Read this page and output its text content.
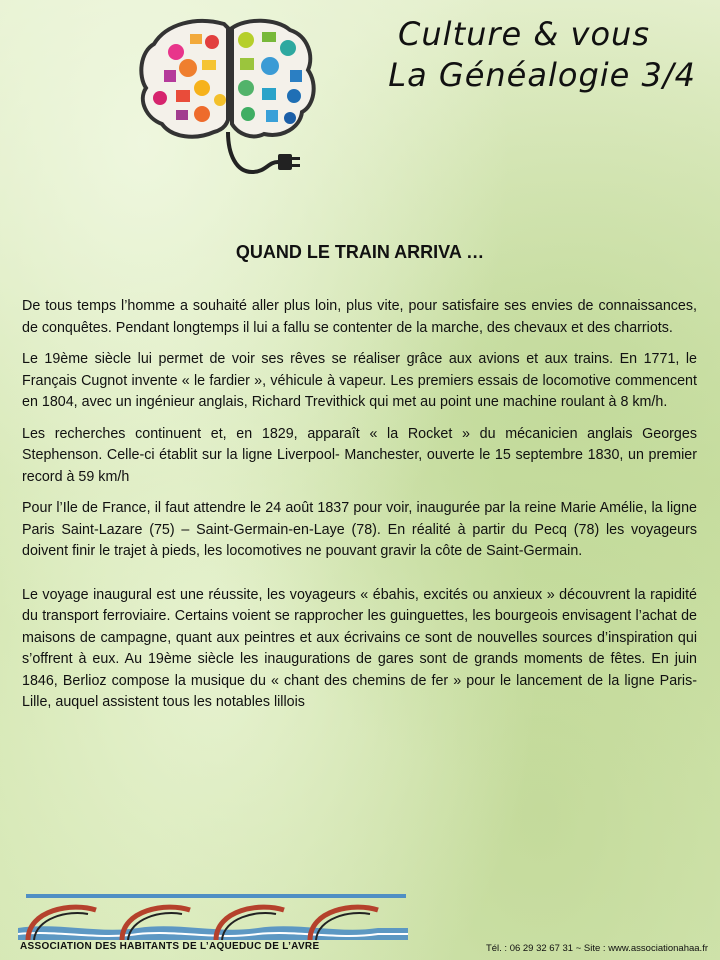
Culture & vous
La Généalogie 3/4
QUAND LE TRAIN ARRIVA …

De tous temps l’homme a souhaité aller plus loin, plus vite, pour satisfaire ses envies de connaissances, de conquêtes. Pendant longtemps il lui a fallu se contenter de la marche, des chevaux et des charriots.

Le 19ème siècle lui permet de voir ses rêves se réaliser grâce aux avions et aux trains. En 1771, le Français Cugnot invente « le fardier », véhicule à vapeur. Les premiers essais de locomotive commencent en 1804, avec un ingénieur anglais, Richard Trevithick qui met au point une machine roulant à 8 km/h.

Les recherches continuent et, en 1829, apparaît « la Rocket » du mécanicien anglais Georges Stephenson. Celle-ci établit sur la ligne Liverpool- Manchester, ouverte le 15 septembre 1830, un premier record à 59 km/h

Pour l’Ile de France, il faut attendre le 24 août 1837 pour voir, inaugurée par la reine Marie Amélie, la ligne Paris Saint-Lazare (75) – Saint-Germain-en-Laye (78). En réalité à partir du Pecq (78) les voyageurs doivent finir le trajet à pieds, les locomotives ne pouvant gravir la côte de Saint-Germain.

Le voyage inaugural est une réussite, les voyageurs « ébahis, excités ou anxieux » découvrent la rapidité du transport ferroviaire. Certains voient se rapprocher les guinguettes, les bourgeois envisagent l’achat de maisons de campagne, quant aux peintres et aux écrivains ce sont de nouvelles sources d’inspiration qui s’offrent à eux. Au 19ème siècle les inaugurations de gares sont de grands moments de fêtes. En juin 1846, Berlioz compose la musique du « chant des chemins de fer » pour le lancement de la ligne Paris-Lille, auquel assistent tous les notables lillois

ASSOCIATION DES HABITANTS DE L’AQUEDUC DE L’AVRE	Tél. : 06 29 32 67 31 ~ Site : www.associationahaa.fr
